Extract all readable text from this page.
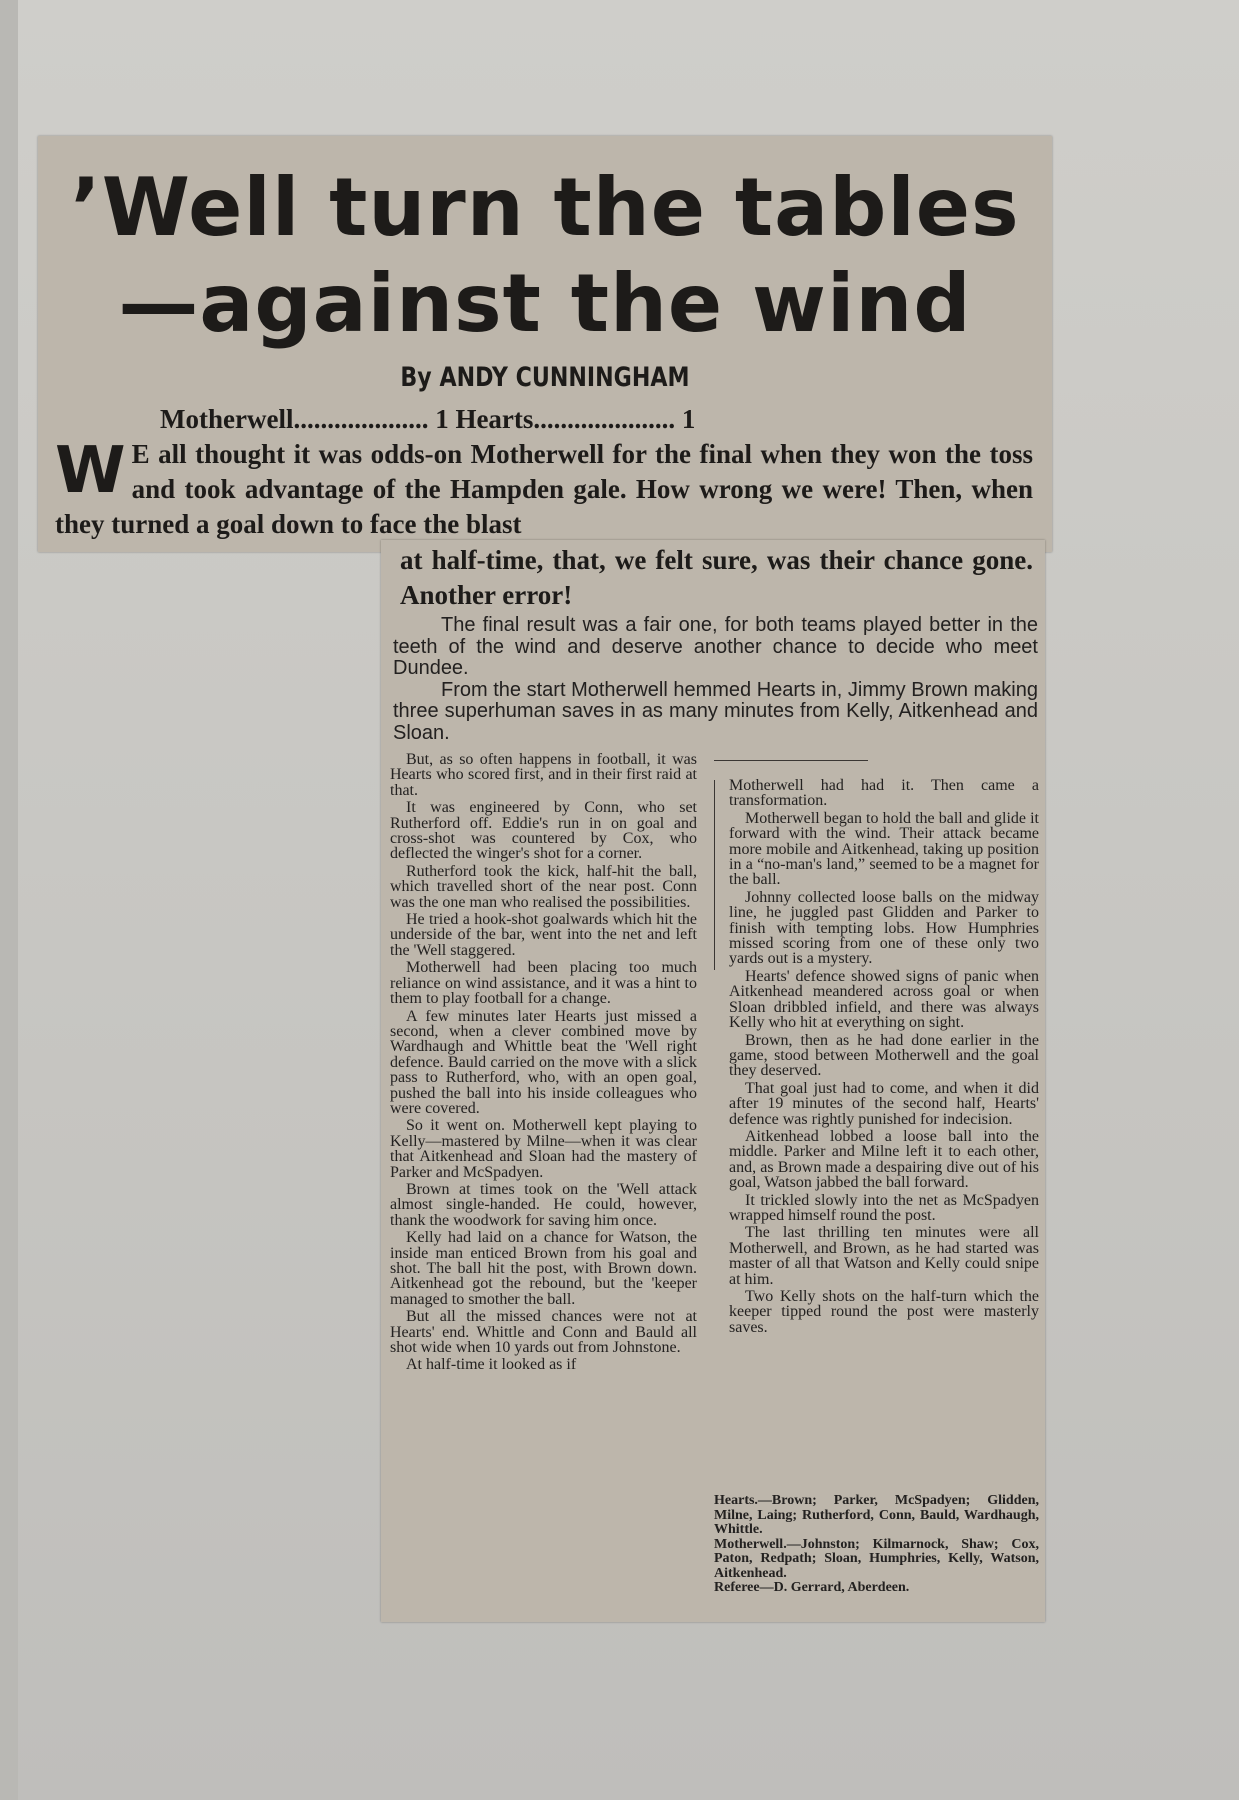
’Well turn the tables
—against the wind
By ANDY CUNNINGHAM
Motherwell.................... 1 Hearts..................... 1
W E all thought it was odds-on Motherwell for the final when they won the toss and took advantage of the Hampden gale. How wrong we were! Then, when they turned a goal down to face the blast
at half-time, that, we felt sure, was their chance gone. Another error!

The final result was a fair one, for both teams played better in the teeth of the wind and deserve another chance to decide who meet Dundee.

From the start Motherwell hemmed Hearts in, Jimmy Brown making three superhuman saves in as many minutes from Kelly, Aitkenhead and Sloan.

But, as so often happens in football, it was Hearts who scored first, and in their first raid at that.

It was engineered by Conn, who set Rutherford off. Eddie's run in on goal and cross-shot was countered by Cox, who deflected the winger's shot for a corner.

Rutherford took the kick, half-hit the ball, which travelled short of the near post. Conn was the one man who realised the possibilities.

He tried a hook-shot goalwards which hit the underside of the bar, went into the net and left the 'Well staggered.

Motherwell had been placing too much reliance on wind assistance, and it was a hint to them to play football for a change.

A few minutes later Hearts just missed a second, when a clever combined move by Wardhaugh and Whittle beat the 'Well right defence. Bauld carried on the move with a slick pass to Rutherford, who, with an open goal, pushed the ball into his inside colleagues who were covered.

So it went on. Motherwell kept playing to Kelly—mastered by Milne—when it was clear that Aitkenhead and Sloan had the mastery of Parker and McSpadyen.

Brown at times took on the 'Well attack almost single-handed. He could, however, thank the woodwork for saving him once.

Kelly had laid on a chance for Watson, the inside man enticed Brown from his goal and shot. The ball hit the post, with Brown down. Aitkenhead got the rebound, but the 'keeper managed to smother the ball.

But all the missed chances were not at Hearts' end. Whittle and Conn and Bauld all shot wide when 10 yards out from Johnstone.

At half-time it looked as if

Motherwell had had it. Then came a transformation.

Motherwell began to hold the ball and glide it forward with the wind. Their attack became more mobile and Aitkenhead, taking up position in a “no-man's land,” seemed to be a magnet for the ball.

Johnny collected loose balls on the midway line, he juggled past Glidden and Parker to finish with tempting lobs. How Humphries missed scoring from one of these only two yards out is a mystery.

Hearts' defence showed signs of panic when Aitkenhead meandered across goal or when Sloan dribbled infield, and there was always Kelly who hit at everything on sight.

Brown, then as he had done earlier in the game, stood between Motherwell and the goal they deserved.

That goal just had to come, and when it did after 19 minutes of the second half, Hearts' defence was rightly punished for indecision.

Aitkenhead lobbed a loose ball into the middle. Parker and Milne left it to each other, and, as Brown made a despairing dive out of his goal, Watson jabbed the ball forward.

It trickled slowly into the net as McSpadyen wrapped himself round the post.

The last thrilling ten minutes were all Motherwell, and Brown, as he had started was master of all that Watson and Kelly could snipe at him.

Two Kelly shots on the half-turn which the keeper tipped round the post were masterly saves.

Hearts.—Brown; Parker, McSpadyen; Glidden, Milne, Laing; Rutherford, Conn, Bauld, Wardhaugh, Whittle.

Motherwell.—Johnston; Kilmarnock, Shaw; Cox, Paton, Redpath; Sloan, Humphries, Kelly, Watson, Aitkenhead.

Referee—D. Gerrard, Aberdeen.
